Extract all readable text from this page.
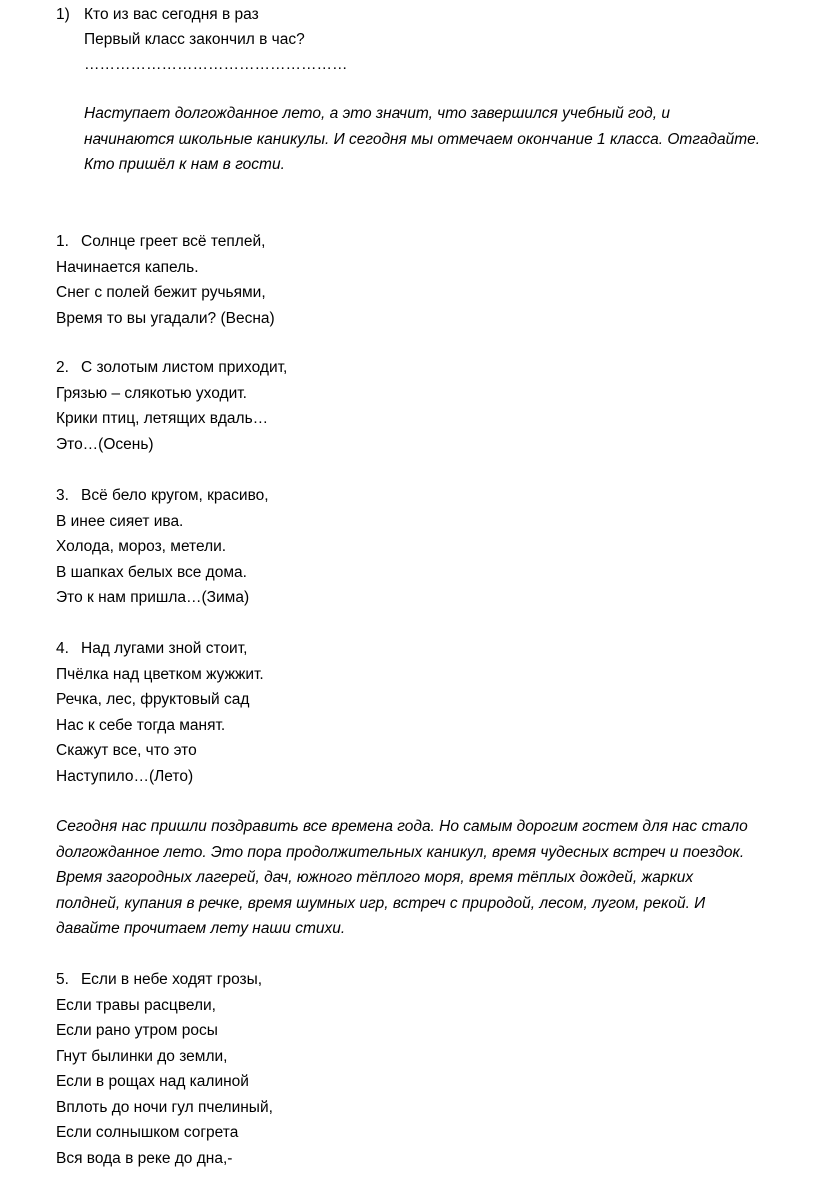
1) Кто из вас сегодня в раз
Первый класс закончил в час?
……………………………………………
Наступает долгожданное лето, а это значит, что завершился учебный год, и
начинаются школьные каникулы. И сегодня мы отмечаем окончание 1 класса. Отгадайте.
Кто пришёл к нам в гости.
1. Солнце греет всё теплей,
Начинается капель.
Снег с полей бежит ручьями,
Время то вы угадали? (Весна)
2. С золотым листом приходит,
Грязью – слякотью уходит.
Крики птиц, летящих вдаль…
Это…(Осень)
3. Всё бело кругом, красиво,
В инее сияет ива.
Холода, мороз, метели.
В шапках белых все дома.
Это к нам пришла…(Зима)
4. Над лугами зной стоит,
Пчёлка над цветком жужжит.
Речка, лес, фруктовый сад
Нас к себе тогда манят.
Скажут все, что это
Наступило…(Лето)
Сегодня нас пришли поздравить все времена года. Но самым дорогим гостем для нас стало
долгожданное лето. Это пора продолжительных каникул, время чудесных встреч и поездок.
Время загородных лагерей, дач, южного тёплого моря, время тёплых дождей, жарких
полдней, купания в речке, время шумных игр, встреч с природой, лесом, лугом, рекой. И
давайте прочитаем лету наши стихи.
5. Если в небе ходят грозы,
Если травы расцвели,
Если рано утром росы
Гнут былинки до земли,
Если в рощах над калиной
Вплоть до ночи гул пчелиный,
Если солнышком согрета
Вся вода в реке до дна,-
